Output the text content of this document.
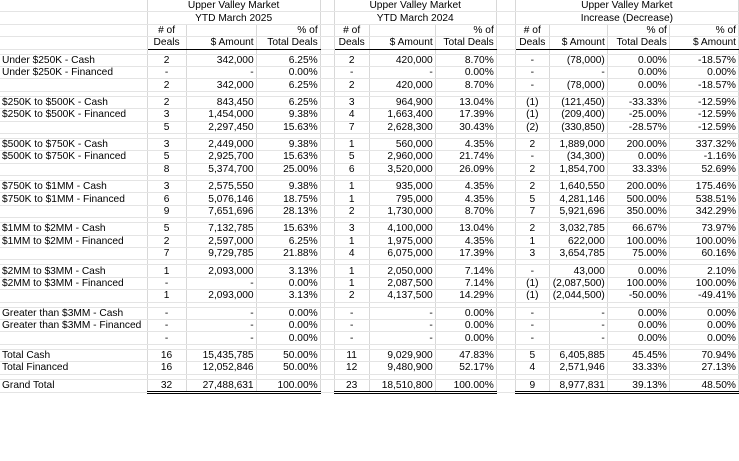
	Upper Valley Market				Upper Valley Market				Upper Valley Market			
	YTD March 2025				YTD March 2024				Increase (Decrease)			
	# of		% of		# of		% of		# of		% of	% of
	Deals	$ Amount	Total Deals		Deals	$ Amount	Total Deals		Deals	$ Amount	Total Deals	$ Amount

Under $250K - Cash	2	342,000	6.25%		2	420,000	8.70%		-	(78,000)	0.00%	-18.57%
Under $250K - Financed	-	-	0.00%		-	-	0.00%		-	-	0.00%	0.00%
	2	342,000	6.25%		2	420,000	8.70%		-	(78,000)	0.00%	-18.57%

$250K to $500K - Cash	2	843,450	6.25%		3	964,900	13.04%		(1)	(121,450)	-33.33%	-12.59%
$250K to $500K - Financed	3	1,454,000	9.38%		4	1,663,400	17.39%		(1)	(209,400)	-25.00%	-12.59%
	5	2,297,450	15.63%		7	2,628,300	30.43%		(2)	(330,850)	-28.57%	-12.59%

$500K to $750K - Cash	3	2,449,000	9.38%		1	560,000	4.35%		2	1,889,000	200.00%	337.32%
$500K to $750K - Financed	5	2,925,700	15.63%		5	2,960,000	21.74%		-	(34,300)	0.00%	-1.16%
	8	5,374,700	25.00%		6	3,520,000	26.09%		2	1,854,700	33.33%	52.69%

$750K to $1MM - Cash	3	2,575,550	9.38%		1	935,000	4.35%		2	1,640,550	200.00%	175.46%
$750K to $1MM - Financed	6	5,076,146	18.75%		1	795,000	4.35%		5	4,281,146	500.00%	538.51%
	9	7,651,696	28.13%		2	1,730,000	8.70%		7	5,921,696	350.00%	342.29%

$1MM to $2MM - Cash	5	7,132,785	15.63%		3	4,100,000	13.04%		2	3,032,785	66.67%	73.97%
$1MM to $2MM - Financed	2	2,597,000	6.25%		1	1,975,000	4.35%		1	622,000	100.00%	100.00%
	7	9,729,785	21.88%		4	6,075,000	17.39%		3	3,654,785	75.00%	60.16%

$2MM to $3MM - Cash	1	2,093,000	3.13%		1	2,050,000	7.14%		-	43,000	0.00%	2.10%
$2MM to $3MM - Financed	-	-	0.00%		1	2,087,500	7.14%		(1)	(2,087,500)	100.00%	100.00%
	1	2,093,000	3.13%		2	4,137,500	14.29%		(1)	(2,044,500)	-50.00%	-49.41%

Greater than $3MM - Cash	-	-	0.00%		-	-	0.00%		-	-	0.00%	0.00%
Greater than $3MM - Financed	-	-	0.00%		-	-	0.00%		-	-	0.00%	0.00%
	-	-	0.00%		-	-	0.00%		-	-	0.00%	0.00%

Total Cash	16	15,435,785	50.00%		11	9,029,900	47.83%		5	6,405,885	45.45%	70.94%
Total Financed	16	12,052,846	50.00%		12	9,480,900	52.17%		4	2,571,946	33.33%	27.13%

Grand Total	32	27,488,631	100.00%		23	18,510,800	100.00%		9	8,977,831	39.13%	48.50%
